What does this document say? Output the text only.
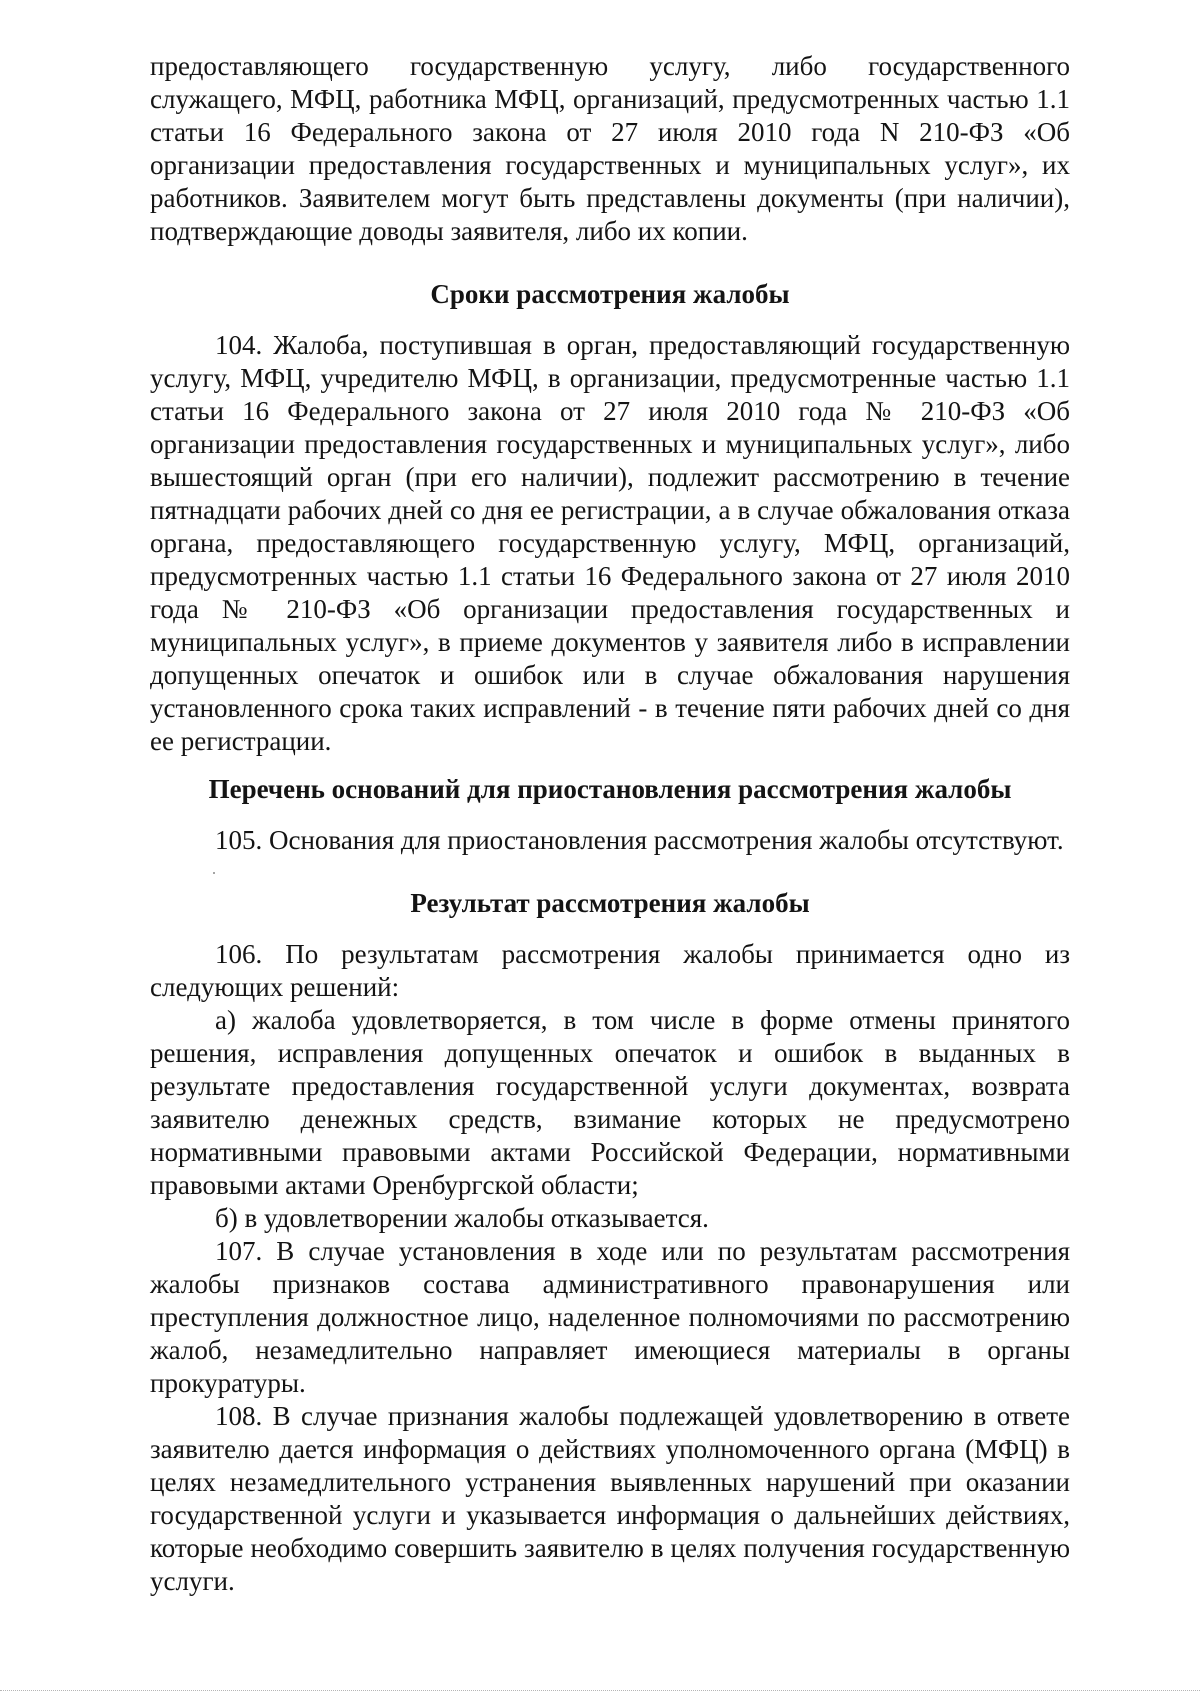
предоставляющего государственную услугу, либо государственного служащего, МФЦ, работника МФЦ, организаций, предусмотренных частью 1.1 статьи 16 Федерального закона от 27 июля 2010 года N 210-ФЗ «Об организации предоставления государственных и муниципальных услуг», их работников. Заявителем могут быть представлены документы (при наличии), подтверждающие доводы заявителя, либо их копии.

Сроки рассмотрения жалобы

104. Жалоба, поступившая в орган, предоставляющий государственную услугу, МФЦ, учредителю МФЦ, в организации, предусмотренные частью 1.1 статьи 16 Федерального закона от 27 июля 2010 года № 210-ФЗ «Об организации предоставления государственных и муниципальных услуг», либо вышестоящий орган (при его наличии), подлежит рассмотрению в течение пятнадцати рабочих дней со дня ее регистрации, а в случае обжалования отказа органа, предоставляющего государственную услугу, МФЦ, организаций, предусмотренных частью 1.1 статьи 16 Федерального закона от 27 июля 2010 года № 210-ФЗ «Об организации предоставления государственных и муниципальных услуг», в приеме документов у заявителя либо в исправлении допущенных опечаток и ошибок или в случае обжалования нарушения установленного срока таких исправлений - в течение пяти рабочих дней со дня ее регистрации.

Перечень оснований для приостановления рассмотрения жалобы

105. Основания для приостановления рассмотрения жалобы отсутствуют.

Результат рассмотрения жалобы

106. По результатам рассмотрения жалобы принимается одно из следующих решений:

а) жалоба удовлетворяется, в том числе в форме отмены принятого решения, исправления допущенных опечаток и ошибок в выданных в результате предоставления государственной услуги документах, возврата заявителю денежных средств, взимание которых не предусмотрено нормативными правовыми актами Российской Федерации, нормативными правовыми актами Оренбургской области;

б) в удовлетворении жалобы отказывается.

107. В случае установления в ходе или по результатам рассмотрения жалобы признаков состава административного правонарушения или преступления должностное лицо, наделенное полномочиями по рассмотрению жалоб, незамедлительно направляет имеющиеся материалы в органы прокуратуры.

108. В случае признания жалобы подлежащей удовлетворению в ответе заявителю дается информация о действиях уполномоченного органа (МФЦ) в целях незамедлительного устранения выявленных нарушений при оказании государственной услуги и указывается информация о дальнейших действиях, которые необходимо совершить заявителю в целях получения государственную услуги.
